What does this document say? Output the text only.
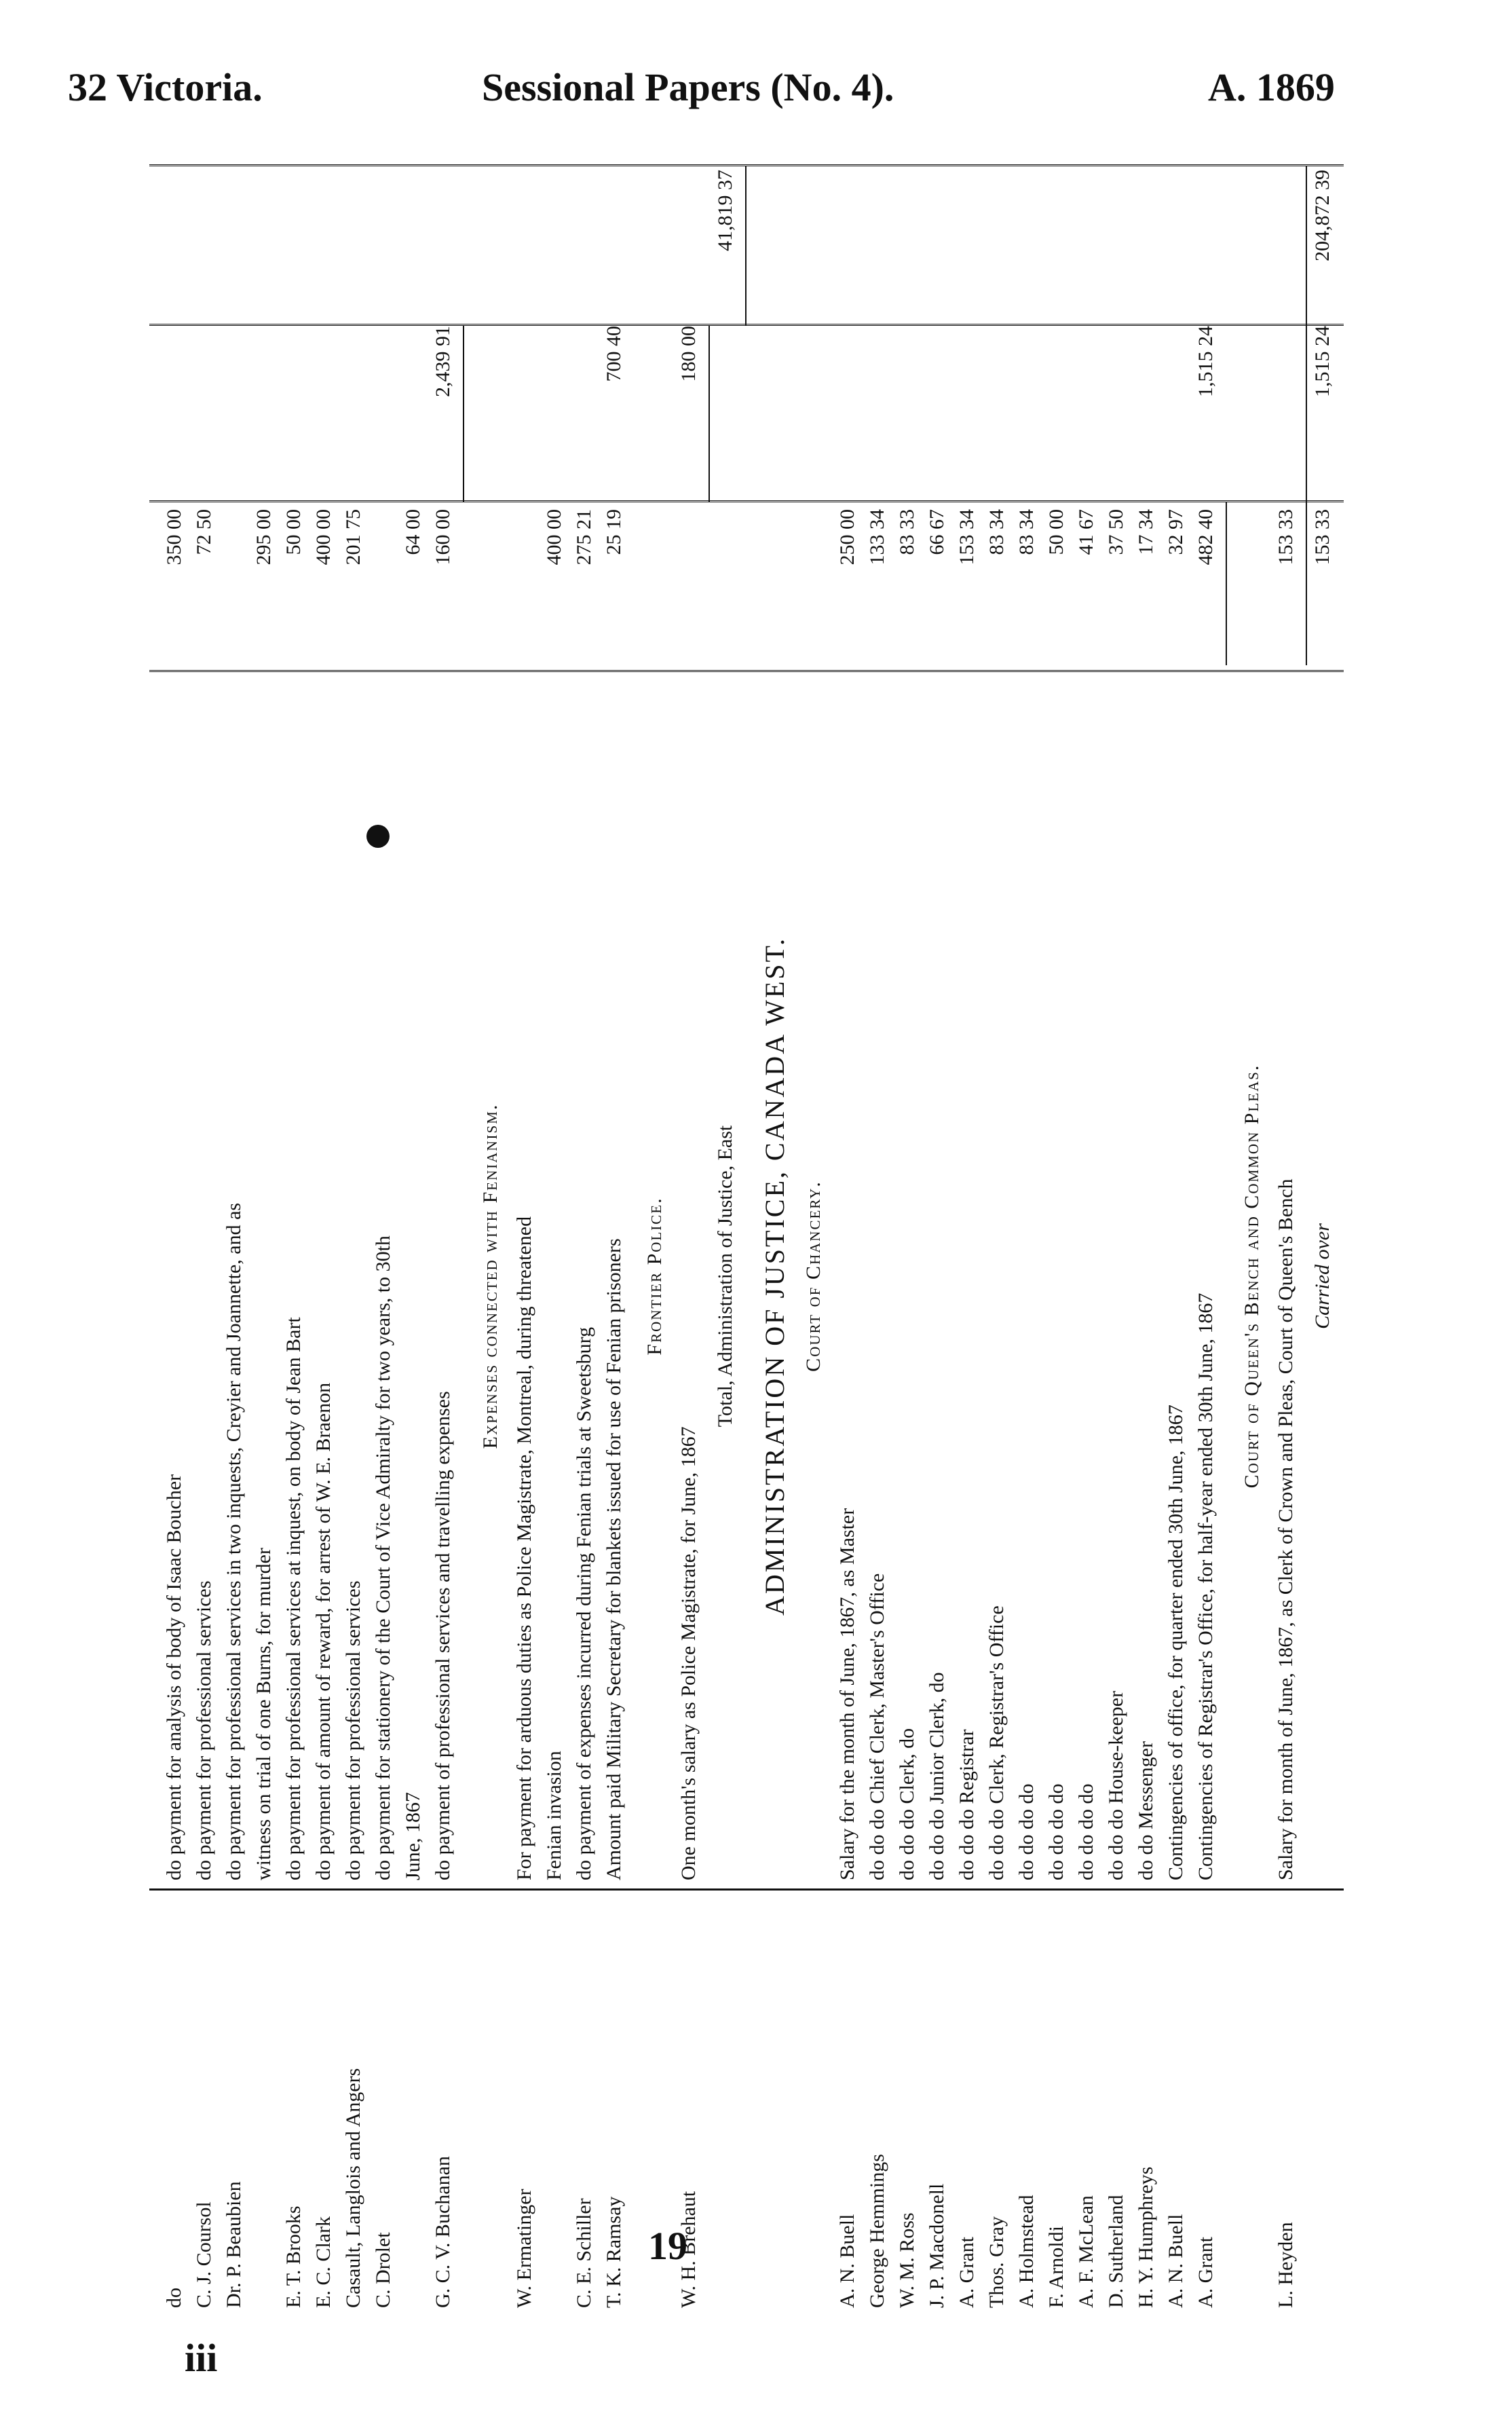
32 Victoria.	Sessional Papers (No. 4).	A. 1869
do
do payment for analysis of body of Isaac Boucher
350 00
C. J. Coursol
do payment for professional services
72 50
Dr. P. Beaubien
do payment for professional services in two inquests, Creyier and Joannette, and as witness on trial of one Burns, for murder
295 00
E. T. Brooks
do payment for professional services at inquest, on body of Jean Bart
50 00
E. C. Clark
do payment of amount of reward, for arrest of W. E. Braenon
400 00
Casault, Langlois and Angers
do payment for professional services
201 75
C. Drolet
do payment for stationery of the Court of Vice Admiralty for two years, to 30th June, 1867
64 00
G. C. V. Buchanan
do payment of professional services and travelling expenses
160 00
2,439 91
Expenses connected with Fenianism.
W. Ermatinger
For payment for arduous duties as Police Magistrate, Montreal, during threatened Fenian invasion
400 00
C. E. Schiller
do payment of expenses incurred during Fenian trials at Sweetsburg
275 21
T. K. Ramsay
Amount paid Military Secretary for blankets issued for use of Fenian prisoners
25 19
700 40
Frontier Police.
W. H. Brehaut
One month's salary as Police Magistrate, for June, 1867
180 00
Total, Administration of Justice, East
41,819 37
ADMINISTRATION OF JUSTICE, CANADA WEST. Court of Chancery.
A. N. Buell
Salary for the month of June, 1867, as Master
250 00
George Hemmings
do do do Chief Clerk, Master's Office
133 34
W. M. Ross
do do do Clerk, do
83 33
J. P. Macdonell
do do do Junior Clerk, do
66 67
A. Grant
do do do Registrar
153 34
Thos. Gray
do do do Clerk, Registrar's Office
83 34
A. Holmstead
do do do do
83 34
F. Arnoldi
do do do do
50 00
A. F. McLean
do do do do
41 67
D. Sutherland
do do do House-keeper
37 50
H. Y. Humphreys
do do Messenger
17 34
A. N. Buell
Contingencies of office, for quarter ended 30th June, 1867
32 97
A. Grant
Contingencies of Registrar's Office, for half-year ended 30th June, 1867
482 40
1,515 24
Court of Queen's Bench and Common Pleas.
L. Heyden
Salary for month of June, 1867, as Clerk of Crown and Pleas, Court of Queen's Bench
153 33
Carried over
153 33
1,515 24
204,872 39
19
iii
